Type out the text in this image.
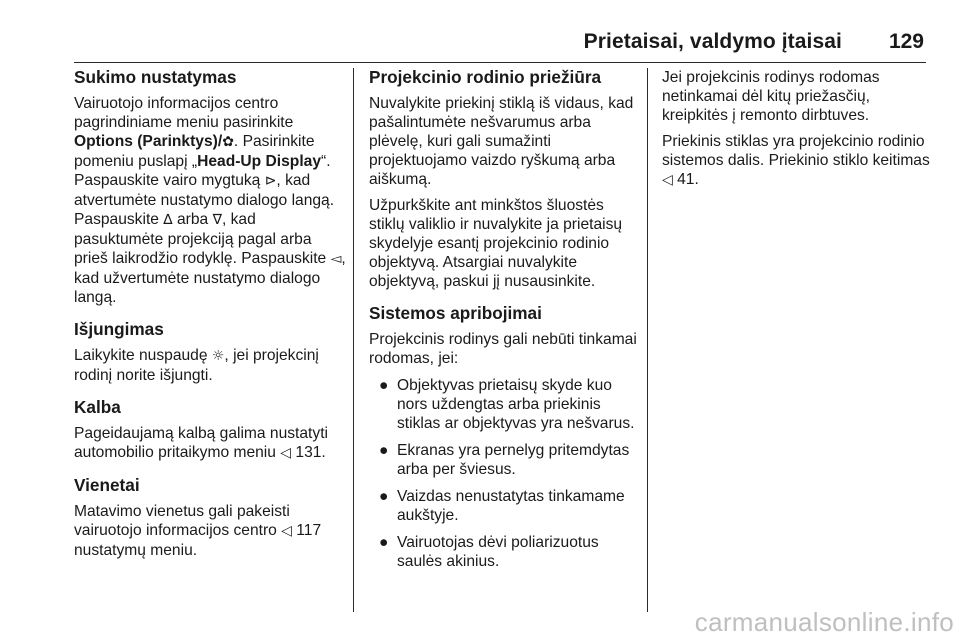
Prietaisai, valdymo įtaisai 129
Sukimo nustatymas

Vairuotojo informacijos centro pagrindiniame meniu pasirinkite Options (Parinktys)/✿. Pasirinkite pomeniu puslapį „Head-Up Display“. Paspauskite vairo mygtuką ⊳, kad atvertumėte nustatymo dialogo langą. Paspauskite ∆ arba ∇, kad pasuktumėte projekciją pagal arba prieš laikrodžio rodyklę. Paspauskite ◅, kad užvertumėte nustatymo dialogo langą.

Išjungimas

Laikykite nuspaudę ☼, jei projekcinį rodinį norite išjungti.

Kalba

Pageidaujamą kalbą galima nustatyti automobilio pritaikymo meniu ◁ 131.

Vienetai

Matavimo vienetus gali pakeisti vairuotojo informacijos centro ◁ 117 nustatymų meniu.

Projekcinio rodinio priežiūra

Nuvalykite priekinį stiklą iš vidaus, kad pašalintumėte nešvarumus arba plėvelę, kuri gali sumažinti projektuojamo vaizdo ryškumą arba aiškumą.

Užpurkškite ant minkštos šluostės stiklų valiklio ir nuvalykite ja prietaisų skydelyje esantį projekcinio rodinio objektyvą. Atsargiai nuvalykite objektyvą, paskui jį nusausinkite.

Sistemos apribojimai

Projekcinis rodinys gali nebūti tinkamai rodomas, jei:

● Objektyvas prietaisų skyde kuo nors uždengtas arba priekinis stiklas ar objektyvas yra nešvarus.
● Ekranas yra pernelyg pritemdytas arba per šviesus.
● Vaizdas nenustatytas tinkamame aukštyje.
● Vairuotojas dėvi poliarizuotus saulės akinius.

Jei projekcinis rodinys rodomas netinkamai dėl kitų priežasčių, kreipkitės į remonto dirbtuves.

Priekinis stiklas yra projekcinio rodinio sistemos dalis. Priekinio stiklo keitimas ◁ 41.

carmanualsonline.info
